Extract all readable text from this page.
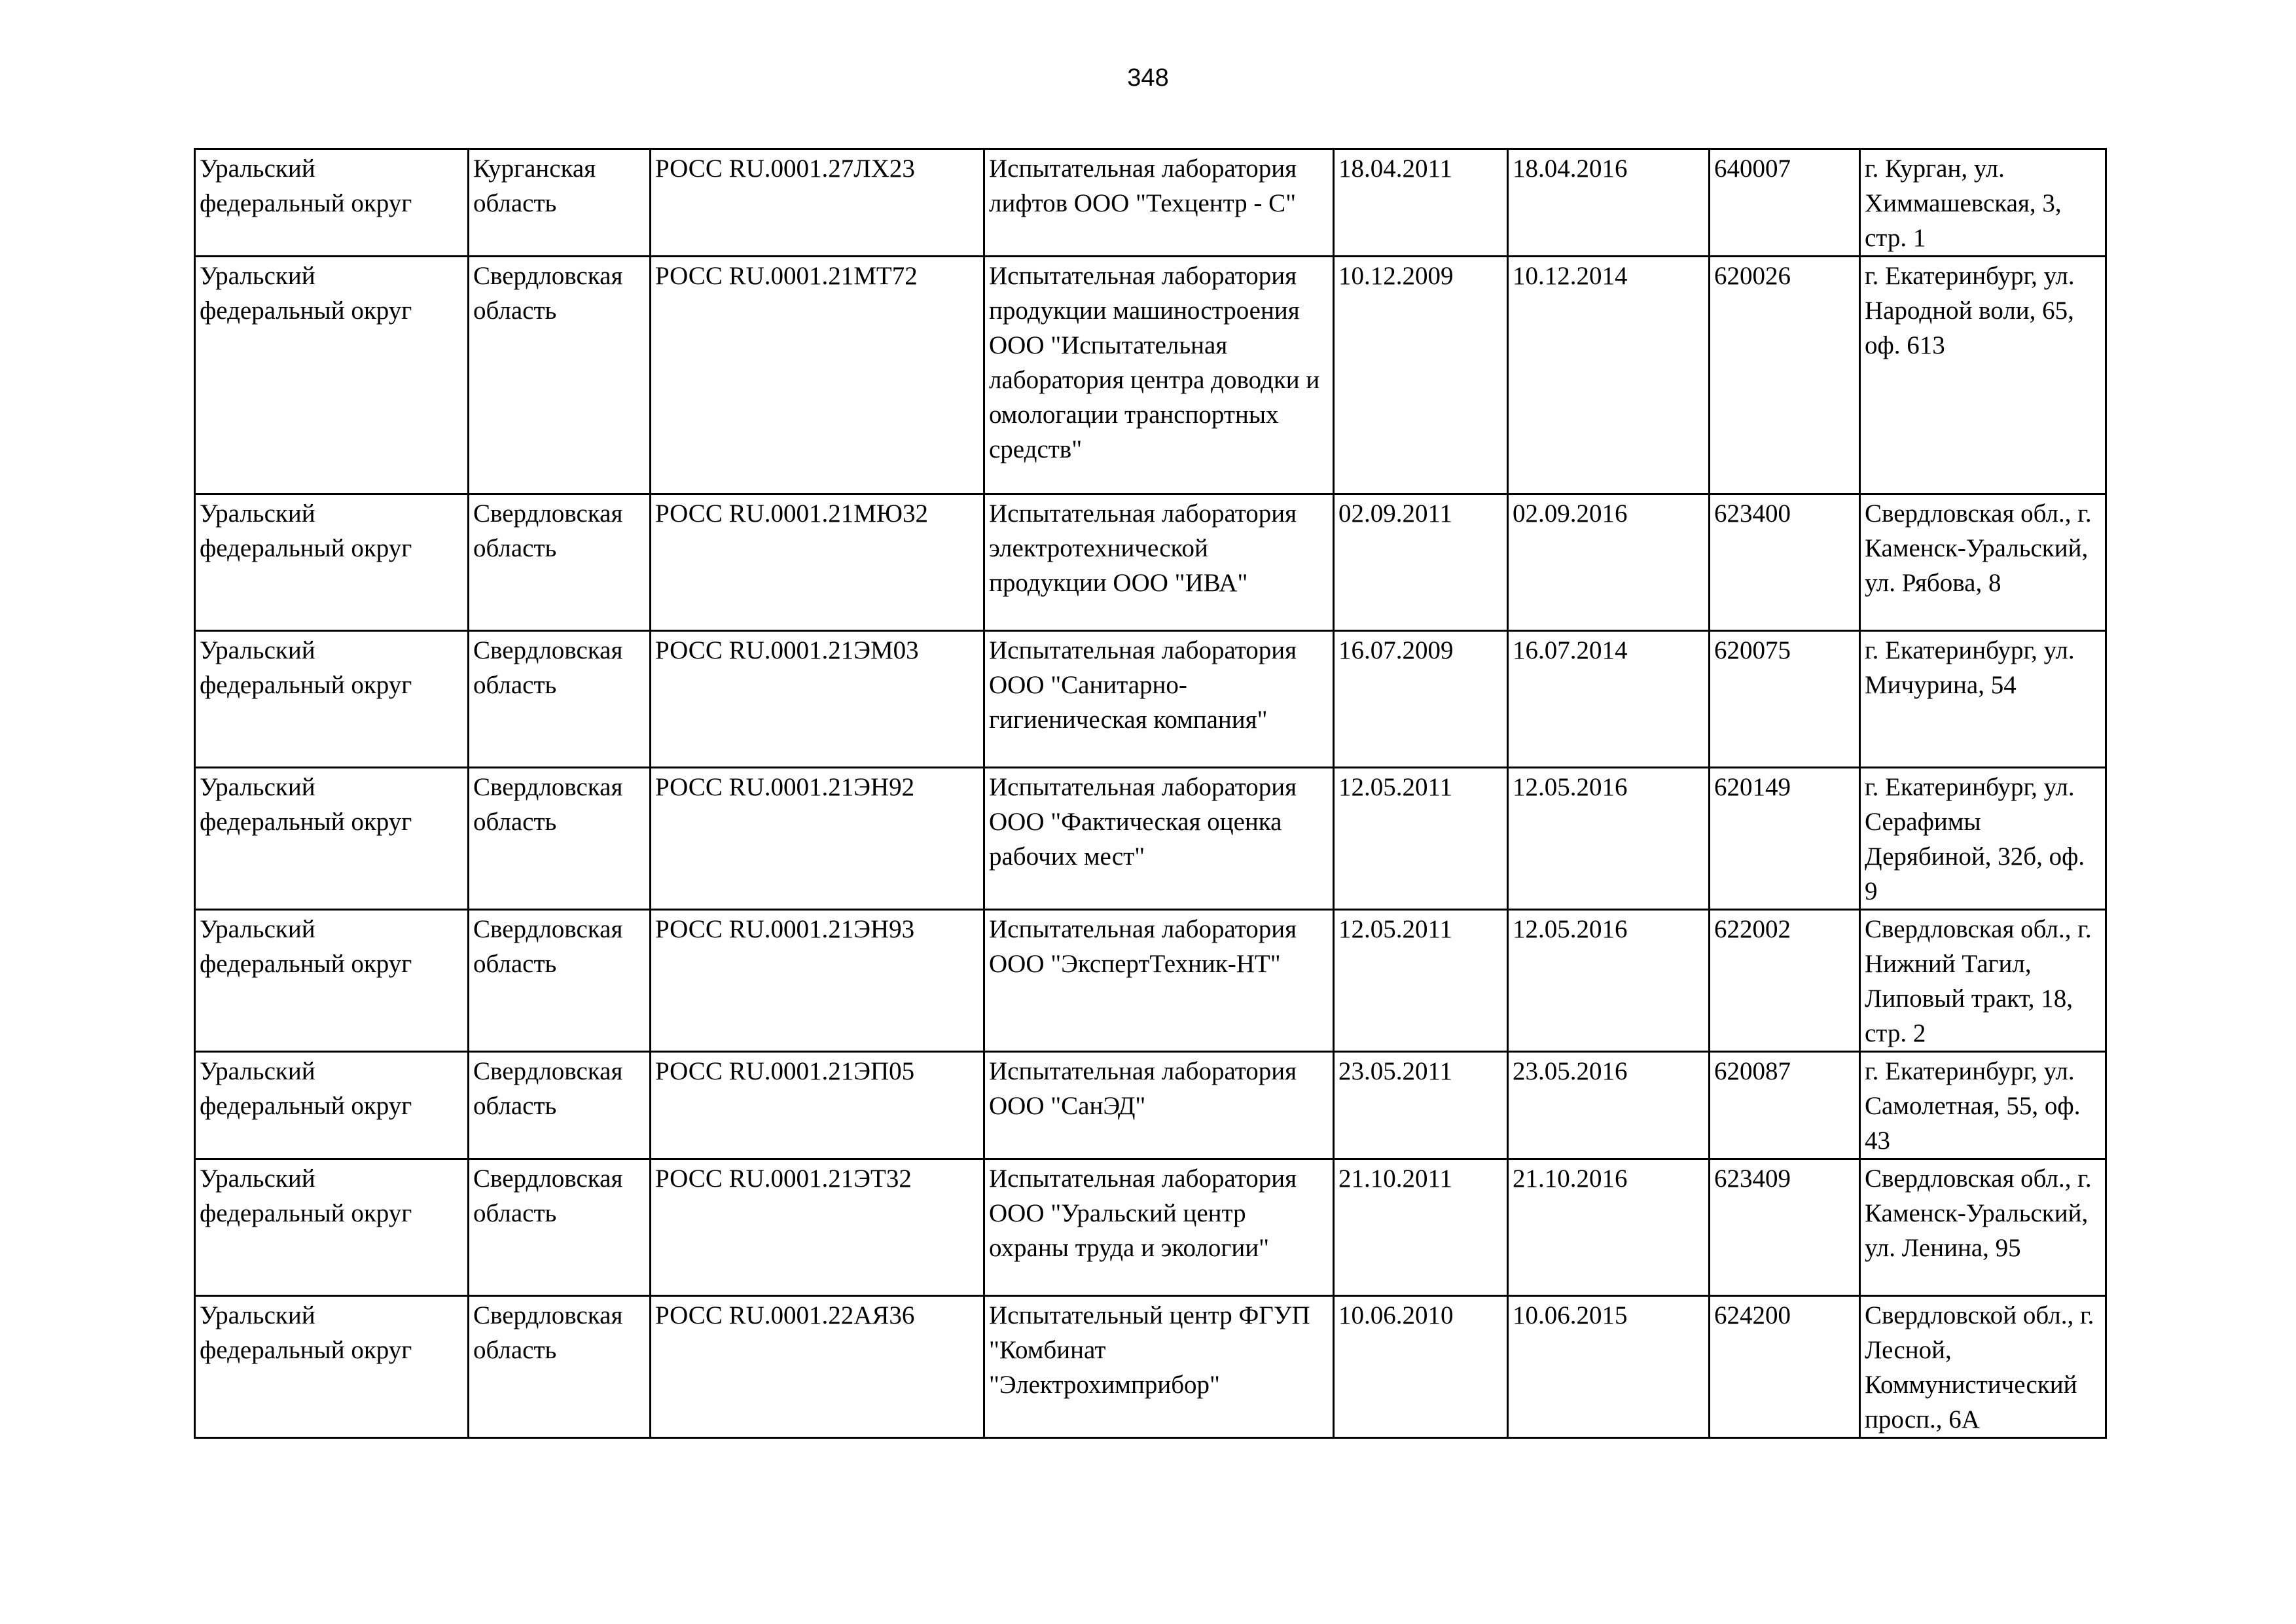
348
Уральский федеральный округ	Курганская область	РОСС RU.0001.27ЛХ23	Испытательная лаборатория лифтов ООО "Техцентр - С"	18.04.2011	18.04.2016	640007	г. Курган, ул. Химмашевская, 3, стр. 1
Уральский федеральный округ	Свердловская область	РОСС RU.0001.21МТ72	Испытательная лаборатория продукции машиностроения ООО "Испытательная лаборатория центра доводки и омологации транспортных средств"	10.12.2009	10.12.2014	620026	г. Екатеринбург, ул. Народной воли, 65, оф. 613
Уральский федеральный округ	Свердловская область	РОСС RU.0001.21МЮ32	Испытательная лаборатория электротехнической продукции ООО "ИВА"	02.09.2011	02.09.2016	623400	Свердловская обл., г. Каменск-Уральский, ул. Рябова, 8
Уральский федеральный округ	Свердловская область	РОСС RU.0001.21ЭМ03	Испытательная лаборатория ООО "Санитарно-гигиеническая компания"	16.07.2009	16.07.2014	620075	г. Екатеринбург, ул. Мичурина, 54
Уральский федеральный округ	Свердловская область	РОСС RU.0001.21ЭН92	Испытательная лаборатория ООО "Фактическая оценка рабочих мест"	12.05.2011	12.05.2016	620149	г. Екатеринбург, ул. Серафимы Дерябиной, 32б, оф. 9
Уральский федеральный округ	Свердловская область	РОСС RU.0001.21ЭН93	Испытательная лаборатория ООО "ЭкспертТехник-НТ"	12.05.2011	12.05.2016	622002	Свердловская обл., г. Нижний Тагил, Липовый тракт, 18, стр. 2
Уральский федеральный округ	Свердловская область	РОСС RU.0001.21ЭП05	Испытательная лаборатория ООО "СанЭД"	23.05.2011	23.05.2016	620087	г. Екатеринбург, ул. Самолетная, 55, оф. 43
Уральский федеральный округ	Свердловская область	РОСС RU.0001.21ЭТ32	Испытательная лаборатория ООО "Уральский центр охраны труда и экологии"	21.10.2011	21.10.2016	623409	Свердловская обл., г. Каменск-Уральский, ул. Ленина, 95
Уральский федеральный округ	Свердловская область	РОСС RU.0001.22АЯ36	Испытательный центр ФГУП "Комбинат "Электрохимприбор"	10.06.2010	10.06.2015	624200	Свердловской обл., г. Лесной, Коммунистический просп., 6А
